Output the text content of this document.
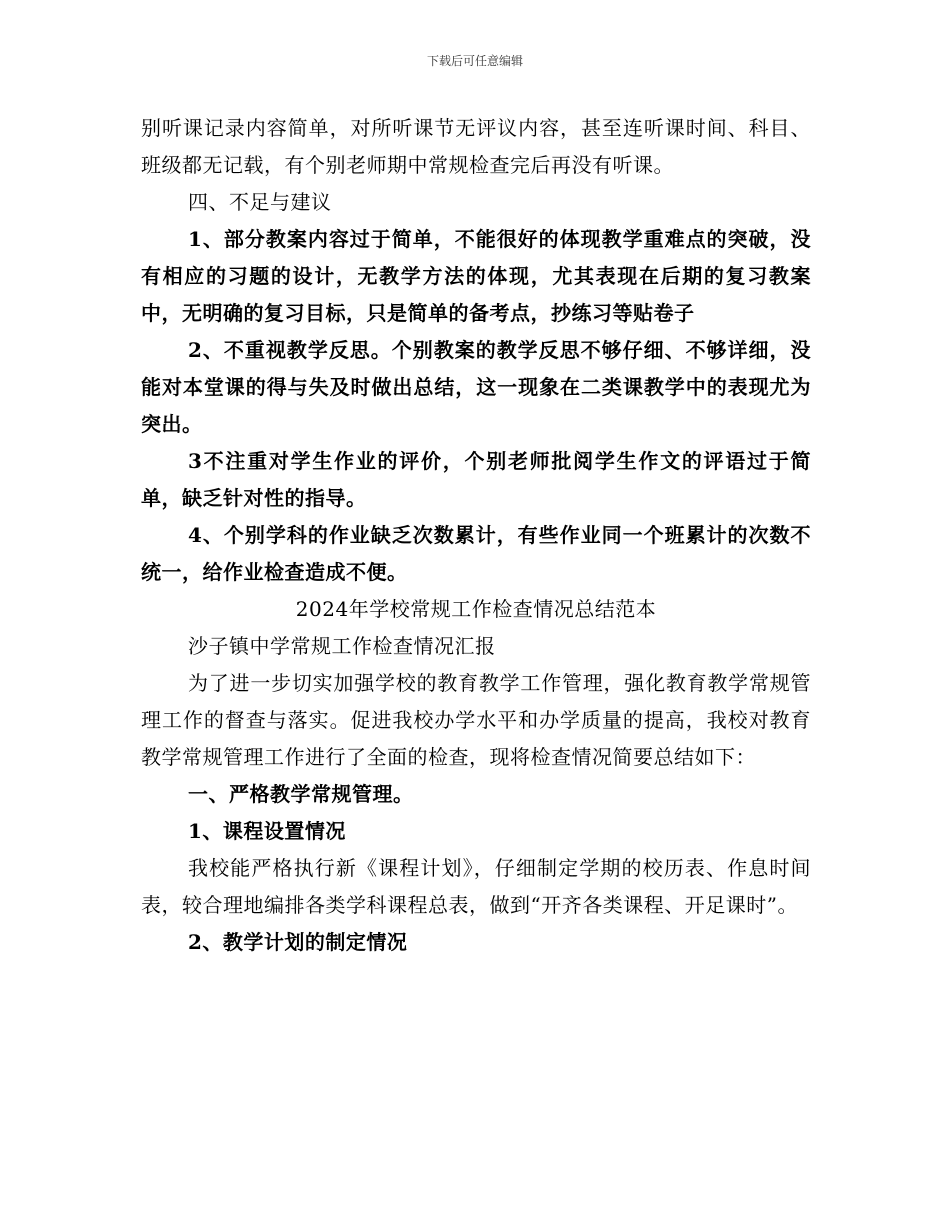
下载后可任意编辑

别听课记录内容简单，对所听课节无评议内容，甚至连听课时间、科目、班级都无记载，有个别老师期中常规检查完后再没有听课。

四、不足与建议

1、部分教案内容过于简单，不能很好的体现教学重难点的突破，没有相应的习题的设计，无教学方法的体现，尤其表现在后期的复习教案中，无明确的复习目标，只是简单的备考点，抄练习等贴卷子

2、不重视教学反思。个别教案的教学反思不够仔细、不够详细，没能对本堂课的得与失及时做出总结，这一现象在二类课教学中的表现尤为突出。

3不注重对学生作业的评价，个别老师批阅学生作文的评语过于简单，缺乏针对性的指导。

4、个别学科的作业缺乏次数累计，有些作业同一个班累计的次数不统一，给作业检查造成不便。

2024年学校常规工作检查情况总结范本

沙子镇中学常规工作检查情况汇报

为了进一步切实加强学校的教育教学工作管理，强化教育教学常规管理工作的督查与落实。促进我校办学水平和办学质量的提高，我校对教育教学常规管理工作进行了全面的检查，现将检查情况简要总结如下：

一、严格教学常规管理。

1、课程设置情况

我校能严格执行新《课程计划》，仔细制定学期的校历表、作息时间表，较合理地编排各类学科课程总表，做到“开齐各类课程、开足课时”。

2、教学计划的制定情况
